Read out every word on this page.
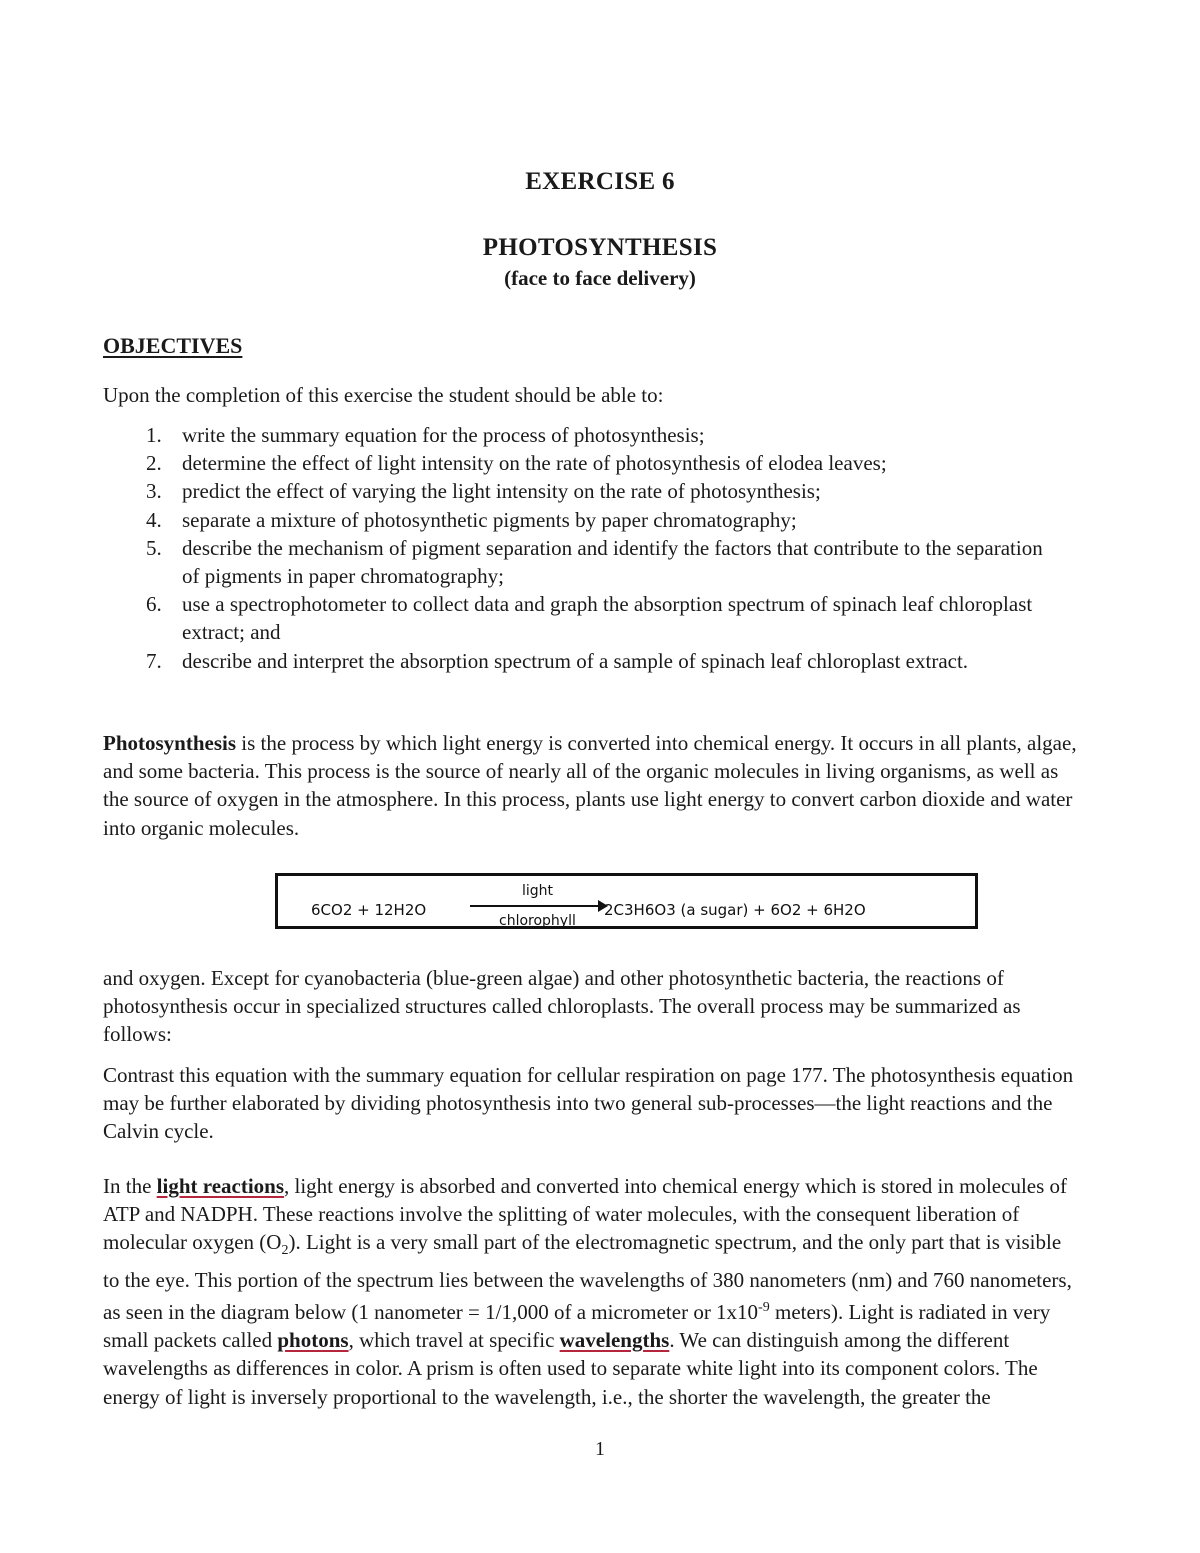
EXERCISE 6
PHOTOSYNTHESIS
(face to face delivery)
OBJECTIVES
Upon the completion of this exercise the student should be able to:
1. write the summary equation for the process of photosynthesis;
2. determine the effect of light intensity on the rate of photosynthesis of elodea leaves;
3. predict the effect of varying the light intensity on the rate of photosynthesis;
4. separate a mixture of photosynthetic pigments by paper chromatography;
5. describe the mechanism of pigment separation and identify the factors that contribute to the separation of pigments in paper chromatography;
6. use a spectrophotometer to collect data and graph the absorption spectrum of spinach leaf chloroplast extract; and
7. describe and interpret the absorption spectrum of a sample of spinach leaf chloroplast extract.

Photosynthesis is the process by which light energy is converted into chemical energy. It occurs in all plants, algae, and some bacteria. This process is the source of nearly all of the organic molecules in living organisms, as well as the source of oxygen in the atmosphere. In this process, plants use light energy to convert carbon dioxide and water into organic molecules.

6CO2 + 12H2O
light
chlorophyll
2C3H6O3 (a sugar) + 6O2 + 6H2O

and oxygen. Except for cyanobacteria (blue-green algae) and other photosynthetic bacteria, the reactions of photosynthesis occur in specialized structures called chloroplasts. The overall process may be summarized as follows:

Contrast this equation with the summary equation for cellular respiration on page 177. The photosynthesis equation may be further elaborated by dividing photosynthesis into two general sub-processes—the light reactions and the Calvin cycle.

In the light reactions, light energy is absorbed and converted into chemical energy which is stored in molecules of ATP and NADPH. These reactions involve the splitting of water molecules, with the consequent liberation of molecular oxygen $(O_2)$. Light is a very small part of the electromagnetic spectrum, and the only part that is visible to the eye. This portion of the spectrum lies between the wavelengths of 380 nanometers (nm) and 760 nanometers, as seen in the diagram below (1 nanometer = 1/1,000 of a micrometer or $1x10^{-9}$ meters). Light is radiated in very small packets called photons, which travel at specific wavelengths. We can distinguish among the different wavelengths as differences in color. A prism is often used to separate white light into its component colors. The energy of light is inversely proportional to the wavelength, i.e., the shorter the wavelength, the greater the

1
